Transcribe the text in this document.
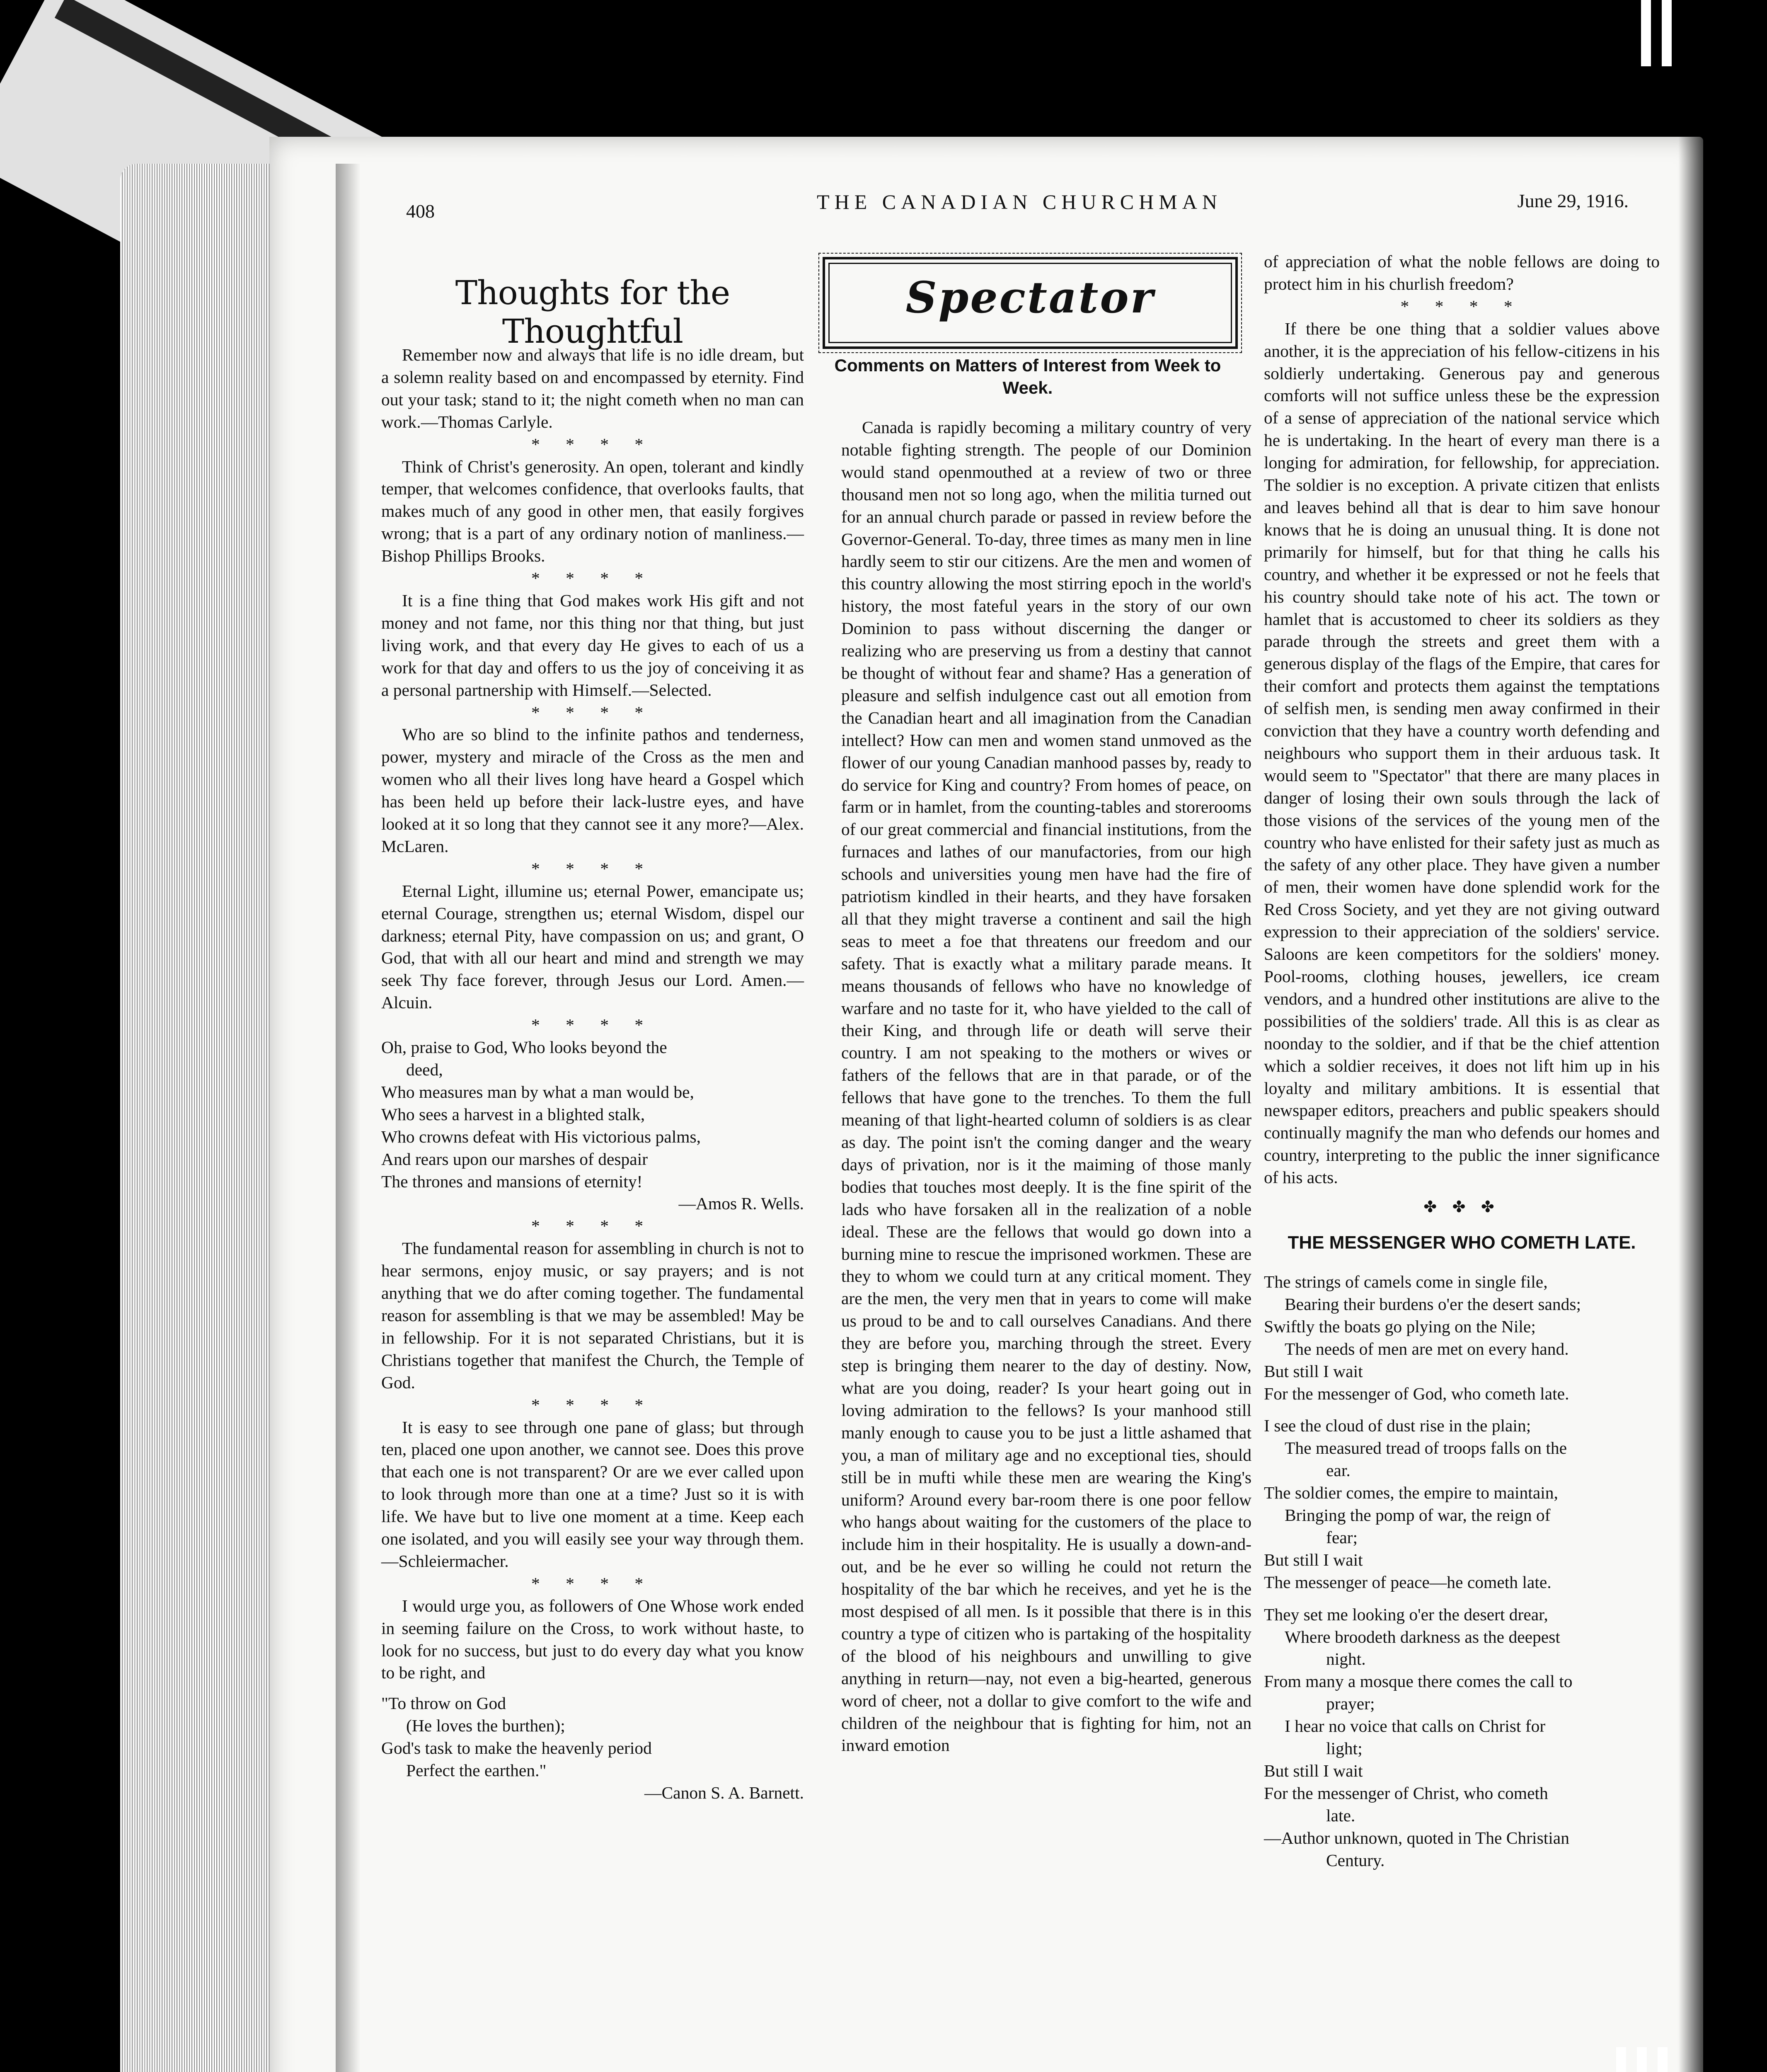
408	THE CANADIAN CHURCHMAN	June 29, 1916.
Thoughts for the Thoughtful

Remember now and always that life is no idle dream, but a solemn reality based on and encompassed by eternity. Find out your task; stand to it; the night cometh when no man can work.—Thomas Carlyle.

* * * *

Think of Christ's generosity. An open, tolerant and kindly temper, that welcomes confidence, that overlooks faults, that makes much of any good in other men, that easily forgives wrong; that is a part of any ordinary notion of manliness.—Bishop Phillips Brooks.

* * * *

It is a fine thing that God makes work His gift and not money and not fame, nor this thing nor that thing, but just living work, and that every day He gives to each of us a work for that day and offers to us the joy of conceiving it as a personal partnership with Himself.—Selected.

* * * *

Who are so blind to the infinite pathos and tenderness, power, mystery and miracle of the Cross as the men and women who all their lives long have heard a Gospel which has been held up before their lack-lustre eyes, and have looked at it so long that they cannot see it any more?—Alex. McLaren.

* * * *

Eternal Light, illumine us; eternal Power, emancipate us; eternal Courage, strengthen us; eternal Wisdom, dispel our darkness; eternal Pity, have compassion on us; and grant, O God, that with all our heart and mind and strength we may seek Thy face forever, through Jesus our Lord. Amen.—Alcuin.

* * * *

Oh, praise to God, Who looks beyond the

deed,

Who measures man by what a man would be,

Who sees a harvest in a blighted stalk,

Who crowns defeat with His victorious palms,

And rears upon our marshes of despair

The thrones and mansions of eternity!

—Amos R. Wells.

* * * *

The fundamental reason for assembling in church is not to hear sermons, enjoy music, or say prayers; and is not anything that we do after coming together. The fundamental reason for assembling is that we may be assembled! May be in fellowship. For it is not separated Christians, but it is Christians together that manifest the Church, the Temple of God.

* * * *

It is easy to see through one pane of glass; but through ten, placed one upon another, we cannot see. Does this prove that each one is not transparent? Or are we ever called upon to look through more than one at a time? Just so it is with life. We have but to live one moment at a time. Keep each one isolated, and you will easily see your way through them.—Schleiermacher.

* * * *

I would urge you, as followers of One Whose work ended in seeming failure on the Cross, to work without haste, to look for no success, but just to do every day what you know to be right, and

"To throw on God

(He loves the burthen);

God's task to make the heavenly period

Perfect the earthen."

—Canon S. A. Barnett.

Spectator
Comments on Matters of Interest from Week to Week.

Canada is rapidly becoming a military country of very notable fighting strength. The people of our Dominion would stand openmouthed at a review of two or three thousand men not so long ago, when the militia turned out for an annual church parade or passed in review before the Governor-General. To-day, three times as many men in line hardly seem to stir our citizens. Are the men and women of this country allowing the most stirring epoch in the world's history, the most fateful years in the story of our own Dominion to pass without discerning the danger or realizing who are preserving us from a destiny that cannot be thought of without fear and shame? Has a generation of pleasure and selfish indulgence cast out all emotion from the Canadian heart and all imagination from the Canadian intellect? How can men and women stand unmoved as the flower of our young Canadian manhood passes by, ready to do service for King and country? From homes of peace, on farm or in hamlet, from the counting-tables and storerooms of our great commercial and financial institutions, from the furnaces and lathes of our manufactories, from our high schools and universities young men have had the fire of patriotism kindled in their hearts, and they have forsaken all that they might traverse a continent and sail the high seas to meet a foe that threatens our freedom and our safety. That is exactly what a military parade means. It means thousands of fellows who have no knowledge of warfare and no taste for it, who have yielded to the call of their King, and through life or death will serve their country. I am not speaking to the mothers or wives or fathers of the fellows that are in that parade, or of the fellows that have gone to the trenches. To them the full meaning of that light-hearted column of soldiers is as clear as day. The point isn't the coming danger and the weary days of privation, nor is it the maiming of those manly bodies that touches most deeply. It is the fine spirit of the lads who have forsaken all in the realization of a noble ideal. These are the fellows that would go down into a burning mine to rescue the imprisoned workmen. These are they to whom we could turn at any critical moment. They are the men, the very men that in years to come will make us proud to be and to call ourselves Canadians. And there they are before you, marching through the street. Every step is bringing them nearer to the day of destiny. Now, what are you doing, reader? Is your heart going out in loving admiration to the fellows? Is your manhood still manly enough to cause you to be just a little ashamed that you, a man of military age and no exceptional ties, should still be in mufti while these men are wearing the King's uniform? Around every bar-room there is one poor fellow who hangs about waiting for the customers of the place to include him in their hospitality. He is usually a down-and-out, and be he ever so willing he could not return the hospitality of the bar which he receives, and yet he is the most despised of all men. Is it possible that there is in this country a type of citizen who is partaking of the hospitality of the blood of his neighbours and unwilling to give anything in return—nay, not even a big-hearted, generous word of cheer, not a dollar to give comfort to the wife and children of the neighbour that is fighting for him, not an inward emotion

of appreciation of what the noble fellows are doing to protect him in his churlish freedom?

* * * *

If there be one thing that a soldier values above another, it is the appreciation of his fellow-citizens in his soldierly undertaking. Generous pay and generous comforts will not suffice unless these be the expression of a sense of appreciation of the national service which he is undertaking. In the heart of every man there is a longing for admiration, for fellowship, for appreciation. The soldier is no exception. A private citizen that enlists and leaves behind all that is dear to him save honour knows that he is doing an unusual thing. It is done not primarily for himself, but for that thing he calls his country, and whether it be expressed or not he feels that his country should take note of his act. The town or hamlet that is accustomed to cheer its soldiers as they parade through the streets and greet them with a generous display of the flags of the Empire, that cares for their comfort and protects them against the temptations of selfish men, is sending men away confirmed in their conviction that they have a country worth defending and neighbours who support them in their arduous task. It would seem to "Spectator" that there are many places in danger of losing their own souls through the lack of those visions of the services of the young men of the country who have enlisted for their safety just as much as the safety of any other place. They have given a number of men, their women have done splendid work for the Red Cross Society, and yet they are not giving outward expression to their appreciation of the soldiers' service. Saloons are keen competitors for the soldiers' money. Pool-rooms, clothing houses, jewellers, ice cream vendors, and a hundred other institutions are alive to the possibilities of the soldiers' trade. All this is as clear as noonday to the soldier, and if that be the chief attention which a soldier receives, it does not lift him up in his loyalty and military ambitions. It is essential that newspaper editors, preachers and public speakers should continually magnify the man who defends our homes and country, interpreting to the public the inner significance of his acts.

✤ ✤ ✤
THE MESSENGER WHO COMETH LATE.

The strings of camels come in single file,

Bearing their burdens o'er the desert sands;

Swiftly the boats go plying on the Nile;

The needs of men are met on every hand.

But still I wait

For the messenger of God, who cometh late.

I see the cloud of dust rise in the plain;

The measured tread of troops falls on the

ear.

The soldier comes, the empire to maintain,

Bringing the pomp of war, the reign of

fear;

But still I wait

The messenger of peace—he cometh late.

They set me looking o'er the desert drear,

Where broodeth darkness as the deepest

night.

From many a mosque there comes the call to

prayer;

I hear no voice that calls on Christ for

light;

But still I wait

For the messenger of Christ, who cometh

late.

—Author unknown, quoted in The Christian

Century.
